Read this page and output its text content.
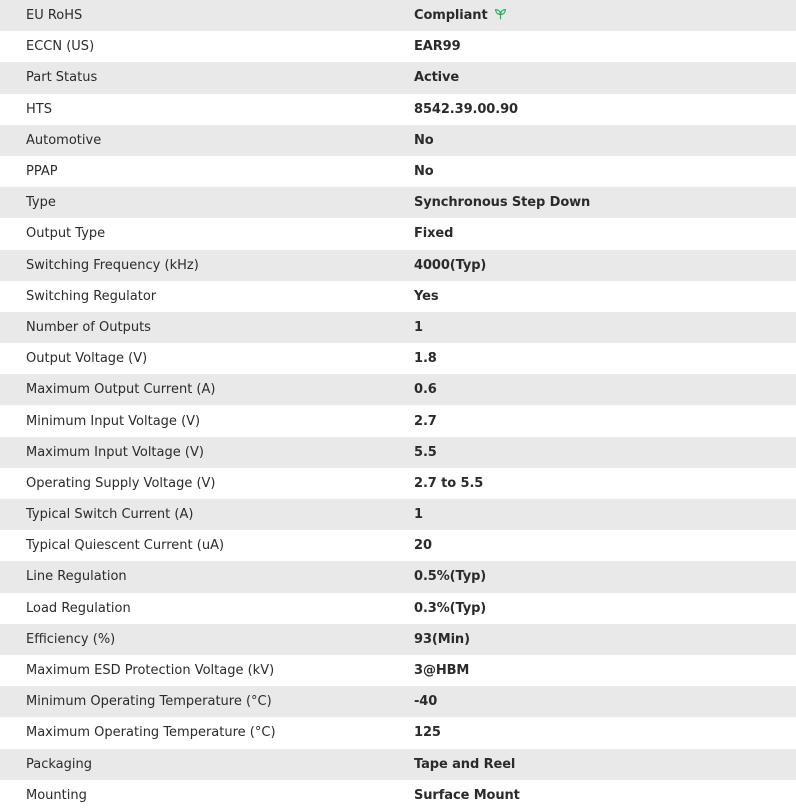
EU RoHS	Compliant
ECCN (US)	EAR99
Part Status	Active
HTS	8542.39.00.90
Automotive	No
PPAP	No
Type	Synchronous Step Down
Output Type	Fixed
Switching Frequency (kHz)	4000(Typ)
Switching Regulator	Yes
Number of Outputs	1
Output Voltage (V)	1.8
Maximum Output Current (A)	0.6
Minimum Input Voltage (V)	2.7
Maximum Input Voltage (V)	5.5
Operating Supply Voltage (V)	2.7 to 5.5
Typical Switch Current (A)	1
Typical Quiescent Current (uA)	20
Line Regulation	0.5%(Typ)
Load Regulation	0.3%(Typ)
Efficiency (%)	93(Min)
Maximum ESD Protection Voltage (kV)	3@HBM
Minimum Operating Temperature (°C)	-40
Maximum Operating Temperature (°C)	125
Packaging	Tape and Reel
Mounting	Surface Mount
